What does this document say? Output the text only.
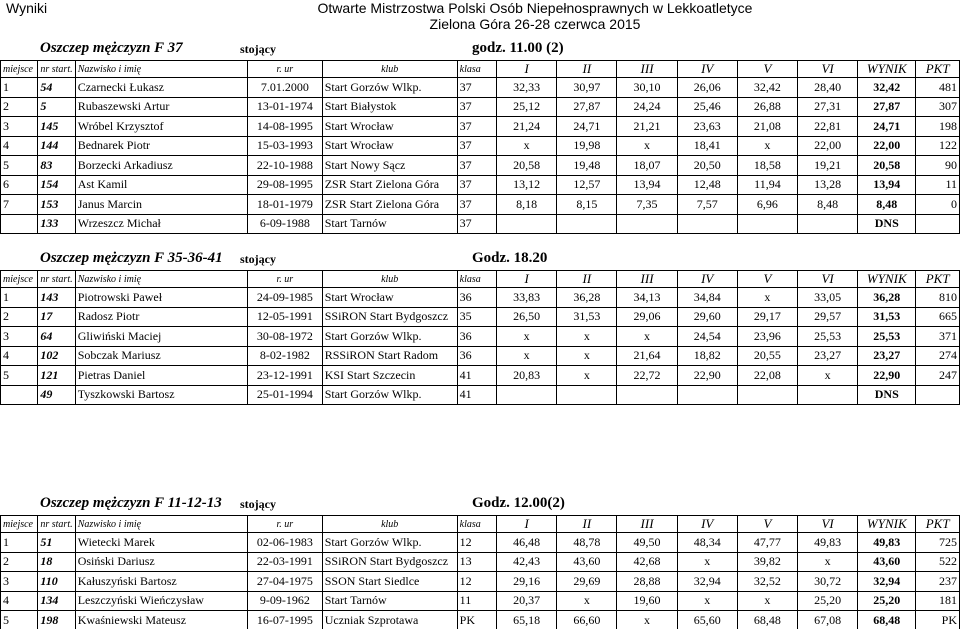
Wyniki	Otwarte Mistrzostwa Polski Osób Niepełnosprawnych w Lekkoatletyce
Zielona Góra 26-28 czerwca 2015
Oszczep mężczyzn F 37	stojący	godz. 11.00 (2)
miejsce	nr start.	Nazwisko i imię	r. ur	klub	klasa	I	II	III	IV	V	VI	WYNIK	PKT
1	54	Czarnecki Łukasz	7.01.2000	Start Gorzów Wlkp.	37	32,33	30,97	30,10	26,06	32,42	28,40	32,42	481
2	5	Rubaszewski Artur	13-01-1974	Start Białystok	37	25,12	27,87	24,24	25,46	26,88	27,31	27,87	307
3	145	Wróbel Krzysztof	14-08-1995	Start Wrocław	37	21,24	24,71	21,21	23,63	21,08	22,81	24,71	198
4	144	Bednarek Piotr	15-03-1993	Start Wrocław	37	x	19,98	x	18,41	x	22,00	22,00	122
5	83	Borzecki Arkadiusz	22-10-1988	Start Nowy Sącz	37	20,58	19,48	18,07	20,50	18,58	19,21	20,58	90
6	154	Ast Kamil	29-08-1995	ZSR Start Zielona Góra	37	13,12	12,57	13,94	12,48	11,94	13,28	13,94	11
7	153	Janus Marcin	18-01-1979	ZSR Start Zielona Góra	37	8,18	8,15	7,35	7,57	6,96	8,48	8,48	0
	133	Wrzeszcz Michał	6-09-1988	Start Tarnów	37							DNS	
Oszczep mężczyzn F 35-36-41 stojący	Godz. 18.20
miejsce	nr start.	Nazwisko i imię	r. ur	klub	klasa	I	II	III	IV	V	VI	WYNIK	PKT
1	143	Piotrowski Paweł	24-09-1985	Start Wrocław	36	33,83	36,28	34,13	34,84	x	33,05	36,28	810
2	17	Radosz Piotr	12-05-1991	SSiRON Start Bydgoszcz	35	26,50	31,53	29,06	29,60	29,17	29,57	31,53	665
3	64	Gliwiński Maciej	30-08-1972	Start Gorzów Wlkp.	36	x	x	x	24,54	23,96	25,53	25,53	371
4	102	Sobczak Mariusz	8-02-1982	RSSiRON Start Radom	36	x	x	21,64	18,82	20,55	23,27	23,27	274
5	121	Pietras Daniel	23-12-1991	KSI Start Szczecin	41	20,83	x	22,72	22,90	22,08	x	22,90	247
	49	Tyszkowski Bartosz	25-01-1994	Start Gorzów Wlkp.	41							DNS	
Oszczep mężczyzn F 11-12-13 stojący	Godz. 12.00(2)
miejsce	nr start.	Nazwisko i imię	r. ur	klub	klasa	I	II	III	IV	V	VI	WYNIK	PKT
1	51	Wietecki Marek	02-06-1983	Start Gorzów Wlkp.	12	46,48	48,78	49,50	48,34	47,77	49,83	49,83	725
2	18	Osiński Dariusz	22-03-1991	SSiRON Start Bydgoszcz	13	42,43	43,60	42,68	x	39,82	x	43,60	522
3	110	Kałuszyński Bartosz	27-04-1975	SSON Start Siedlce	12	29,16	29,69	28,88	32,94	32,52	30,72	32,94	237
4	134	Leszczyński Wieńczysław	9-09-1962	Start Tarnów	11	20,37	x	19,60	x	x	25,20	25,20	181
5	198	Kwaśniewski Mateusz	16-07-1995	Uczniak Szprotawa	PK	65,18	66,60	x	65,60	68,48	67,08	68,48	PK
